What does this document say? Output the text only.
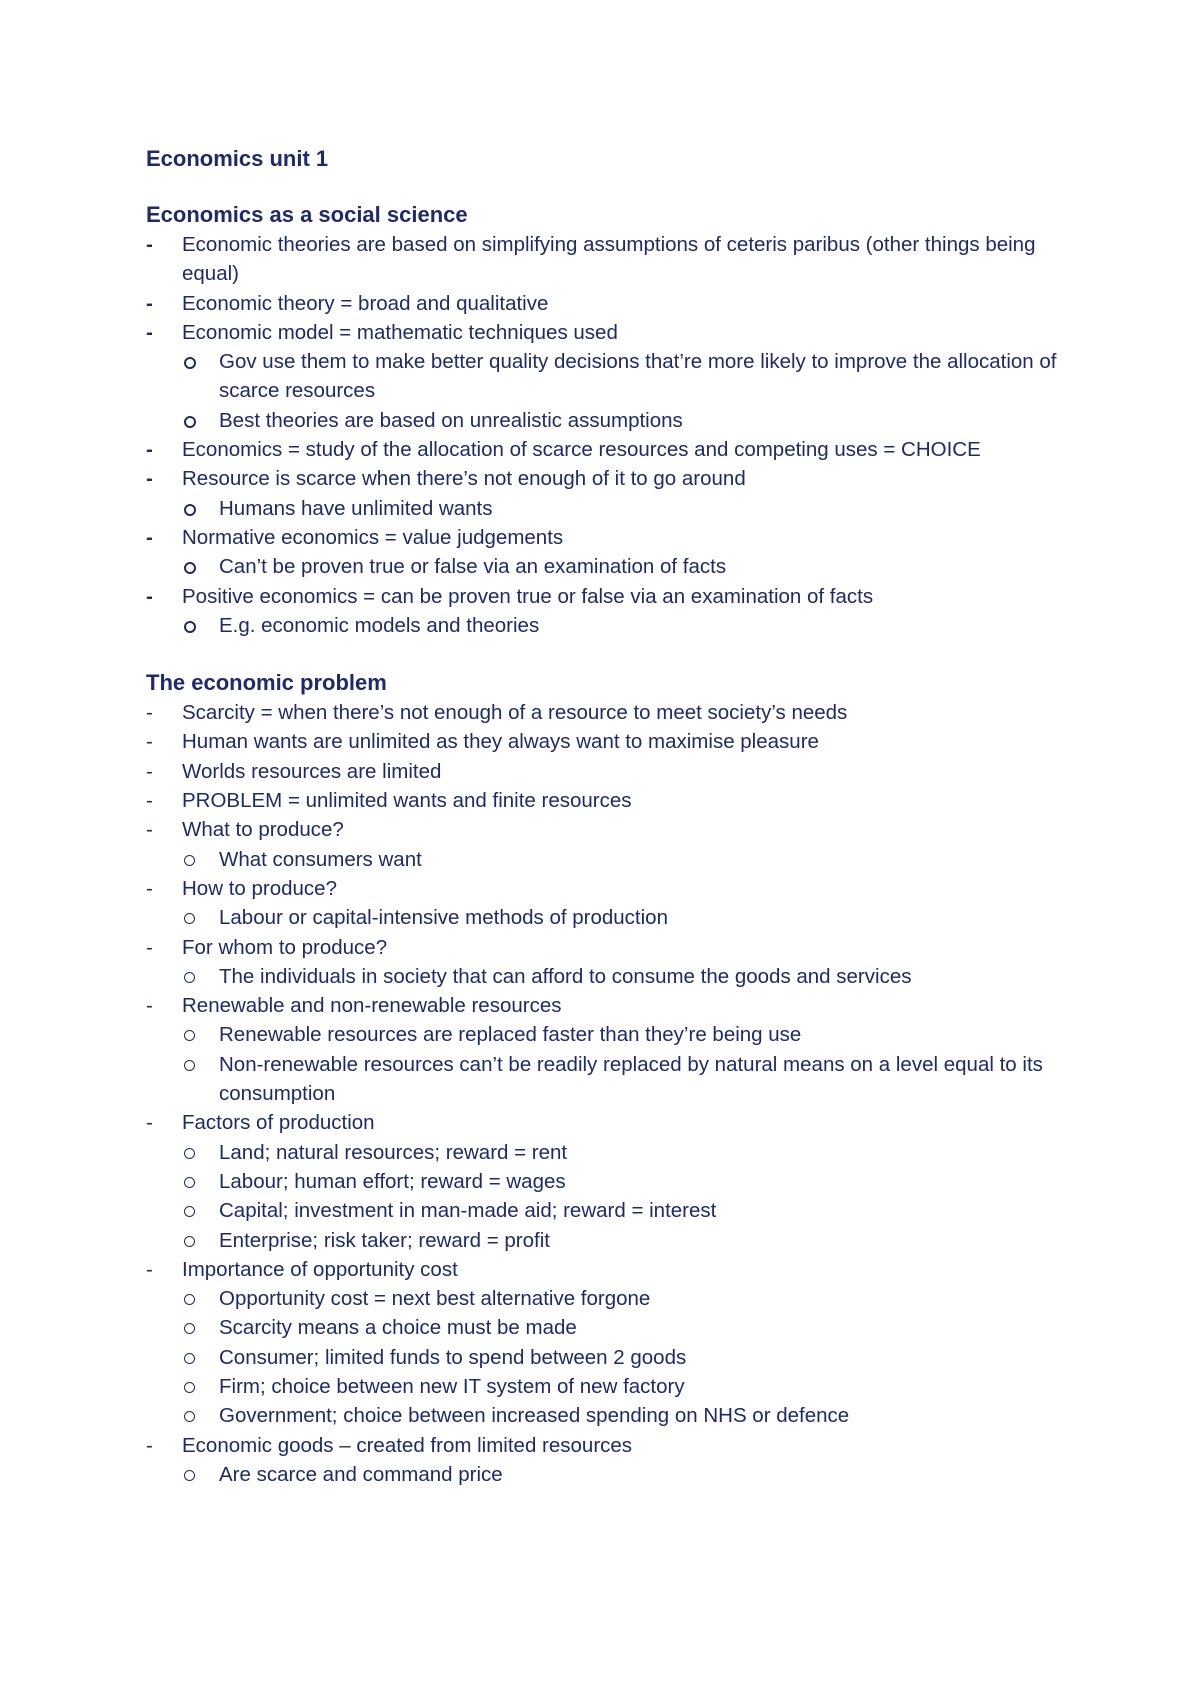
Economics unit 1
Economics as a social science
- Economic theories are based on simplifying assumptions of ceteris paribus (other things being equal)
- Economic theory = broad and qualitative
- Economic model = mathematic techniques used
Gov use them to make better quality decisions that’re more likely to improve the allocation of scarce resources
Best theories are based on unrealistic assumptions
- Economics = study of the allocation of scarce resources and competing uses = CHOICE
- Resource is scarce when there’s not enough of it to go around
Humans have unlimited wants
- Normative economics = value judgements
Can’t be proven true or false via an examination of facts
- Positive economics = can be proven true or false via an examination of facts
E.g. economic models and theories
The economic problem
- Scarcity = when there’s not enough of a resource to meet society’s needs
- Human wants are unlimited as they always want to maximise pleasure
- Worlds resources are limited
- PROBLEM = unlimited wants and finite resources
- What to produce?
What consumers want
- How to produce?
Labour or capital-intensive methods of production
- For whom to produce?
The individuals in society that can afford to consume the goods and services
- Renewable and non-renewable resources
Renewable resources are replaced faster than they’re being use
Non-renewable resources can’t be readily replaced by natural means on a level equal to its consumption
- Factors of production
Land; natural resources; reward = rent
Labour; human effort; reward = wages
Capital; investment in man-made aid; reward = interest
Enterprise; risk taker; reward = profit
- Importance of opportunity cost
Opportunity cost = next best alternative forgone
Scarcity means a choice must be made
Consumer; limited funds to spend between 2 goods
Firm; choice between new IT system of new factory
Government; choice between increased spending on NHS or defence
- Economic goods – created from limited resources
Are scarce and command price
